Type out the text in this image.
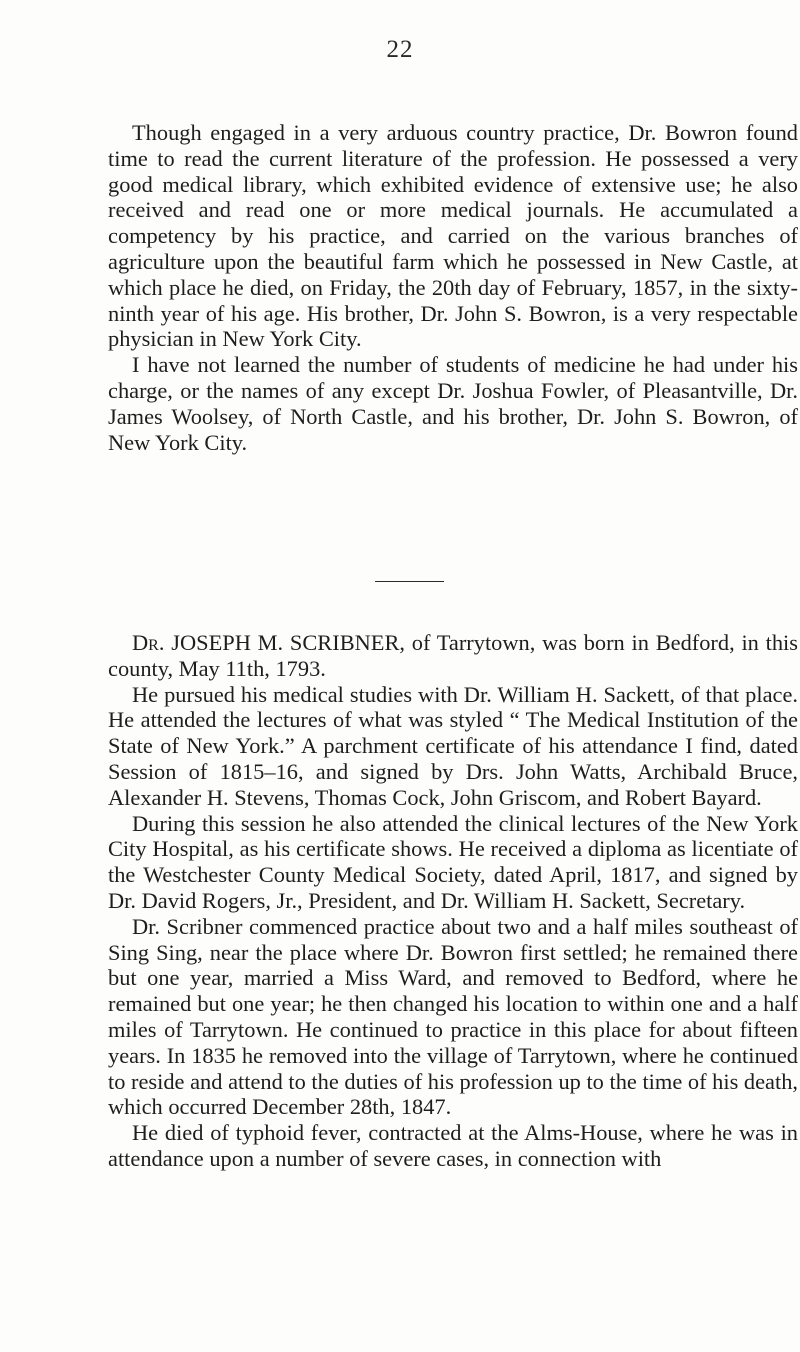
22

Though engaged in a very arduous country practice, Dr. Bowron found time to read the current literature of the profession. He possessed a very good medical library, which exhibited evidence of extensive use; he also received and read one or more medical journals. He accumulated a competency by his practice, and carried on the various branches of agriculture upon the beautiful farm which he possessed in New Castle, at which place he died, on Friday, the 20th day of February, 1857, in the sixty-ninth year of his age. His brother, Dr. John S. Bowron, is a very respectable physician in New York City.

I have not learned the number of students of medicine he had under his charge, or the names of any except Dr. Joshua Fowler, of Pleasantville, Dr. James Woolsey, of North Castle, and his brother, Dr. John S. Bowron, of New York City.

Dr. JOSEPH M. SCRIBNER, of Tarrytown, was born in Bedford, in this county, May 11th, 1793.

He pursued his medical studies with Dr. William H. Sackett, of that place. He attended the lectures of what was styled “ The Medical Institution of the State of New York.” A parchment certificate of his attendance I find, dated Session of 1815–16, and signed by Drs. John Watts, Archibald Bruce, Alexander H. Stevens, Thomas Cock, John Griscom, and Robert Bayard.

During this session he also attended the clinical lectures of the New York City Hospital, as his certificate shows. He received a diploma as licentiate of the Westchester County Medical Society, dated April, 1817, and signed by Dr. David Rogers, Jr., President, and Dr. William H. Sackett, Secretary.

Dr. Scribner commenced practice about two and a half miles southeast of Sing Sing, near the place where Dr. Bowron first settled; he remained there but one year, married a Miss Ward, and removed to Bedford, where he remained but one year; he then changed his location to within one and a half miles of Tarrytown. He continued to practice in this place for about fifteen years. In 1835 he removed into the village of Tarrytown, where he continued to reside and attend to the duties of his profession up to the time of his death, which occurred December 28th, 1847.

He died of typhoid fever, contracted at the Alms-House, where he was in attendance upon a number of severe cases, in connection with
